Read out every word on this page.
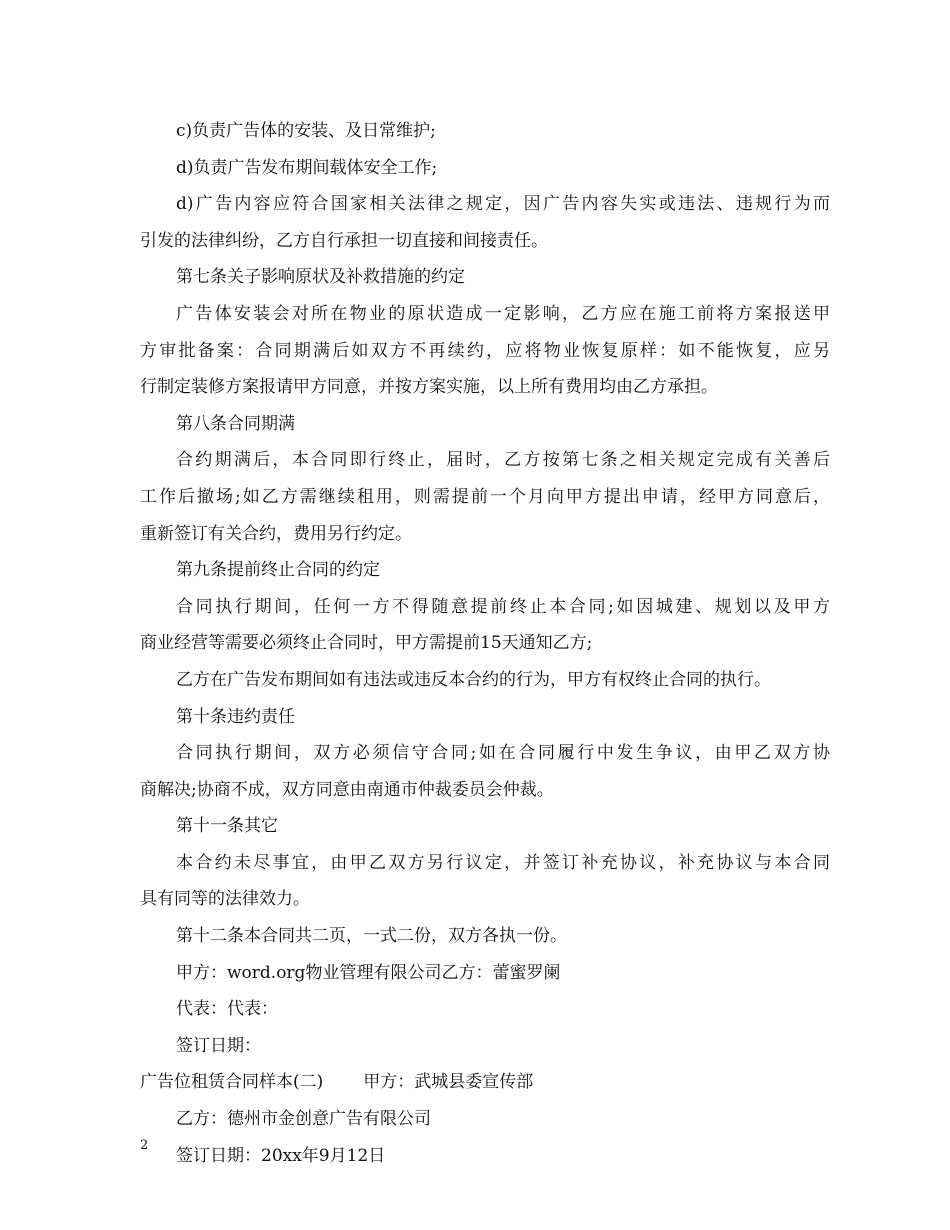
c)负责广告体的安装、及日常维护;
d)负责广告发布期间载体安全工作;
d)广告内容应符合国家相关法律之规定，因广告内容失实或违法、违规行为而
引发的法律纠纷，乙方自行承担一切直接和间接责任。
第七条关子影响原状及补救措施的约定
广告体安装会对所在物业的原状造成一定影响，乙方应在施工前将方案报送甲
方审批备案：合同期满后如双方不再续约，应将物业恢复原样：如不能恢复，应另
行制定装修方案报请甲方同意，并按方案实施，以上所有费用均由乙方承担。
第八条合同期满
合约期满后，本合同即行终止，届时，乙方按第七条之相关规定完成有关善后
工作后撤场;如乙方需继续租用，则需提前一个月向甲方提出申请，经甲方同意后，
重新签订有关合约，费用另行约定。
第九条提前终止合同的约定
合同执行期间，任何一方不得随意提前终止本合同;如因城建、规划以及甲方
商业经营等需要必须终止合同时，甲方需提前15天通知乙方;
乙方在广告发布期间如有违法或违反本合约的行为，甲方有权终止合同的执行。
第十条违约责任
合同执行期间，双方必须信守合同;如在合同履行中发生争议，由甲乙双方协
商解决;协商不成，双方同意由南通市仲裁委员会仲裁。
第十一条其它
本合约未尽事宜，由甲乙双方另行议定，并签订补充协议，补充协议与本合同
具有同等的法律效力。
第十二条本合同共二页，一式二份，双方各执一份。
甲方：word.org物业管理有限公司乙方：蕾蜜罗阑
代表：代表：
签订日期：
广告位租赁合同样本(二) 甲方：武城县委宣传部
乙方：德州市金创意广告有限公司
签订日期：20xx年9月12日
2
